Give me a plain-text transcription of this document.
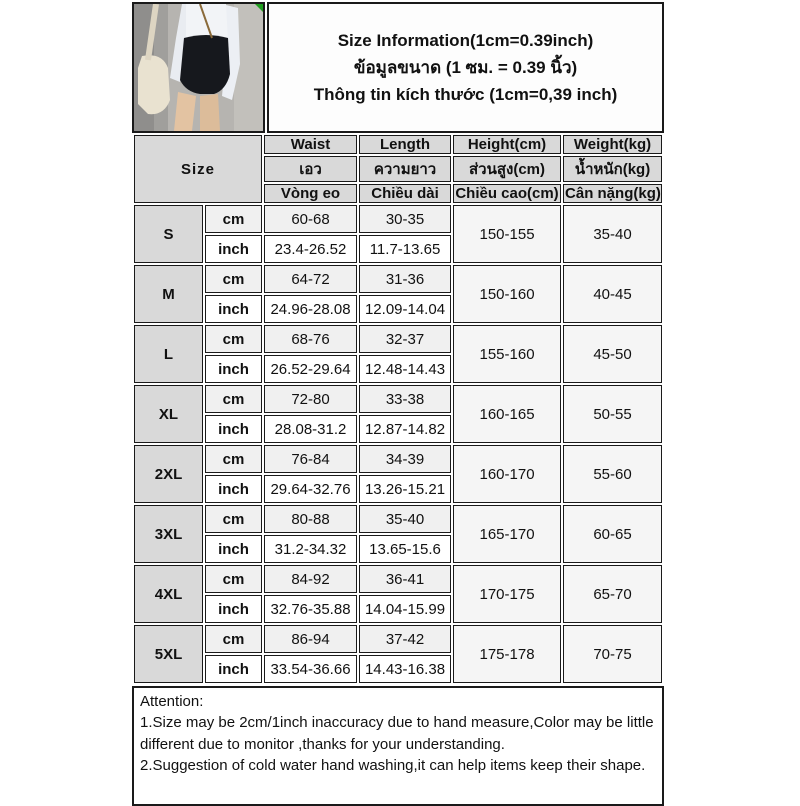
Size Information(1cm=0.39inch)
ข้อมูลขนาด (1 ซม. = 0.39 นิ้ว)
Thông tin kích thước (1cm=0,39 inch)
Size		Waist	Length	Height(cm)	Weight(kg)
		เอว	ความยาว	ส่วนสูง(cm)	น้ำหนัก(kg)
		Vòng eo	Chiều dài	Chiều cao(cm)	Cân nặng(kg)
S	cm	60-68	30-35	150-155	35-40
	inch	23.4-26.52	11.7-13.65		
M	cm	64-72	31-36	150-160	40-45
	inch	24.96-28.08	12.09-14.04		
L	cm	68-76	32-37	155-160	45-50
	inch	26.52-29.64	12.48-14.43		
XL	cm	72-80	33-38	160-165	50-55
	inch	28.08-31.2	12.87-14.82		
2XL	cm	76-84	34-39	160-170	55-60
	inch	29.64-32.76	13.26-15.21		
3XL	cm	80-88	35-40	165-170	60-65
	inch	31.2-34.32	13.65-15.6		
4XL	cm	84-92	36-41	170-175	65-70
	inch	32.76-35.88	14.04-15.99		
5XL	cm	86-94	37-42	175-178	70-75
	inch	33.54-36.66	14.43-16.38		

Attention:

1.Size may be 2cm/1inch inaccuracy due to hand measure,Color may be little different due to monitor ,thanks for your understanding.

2.Suggestion of cold water hand washing,it can help items keep their shape.
